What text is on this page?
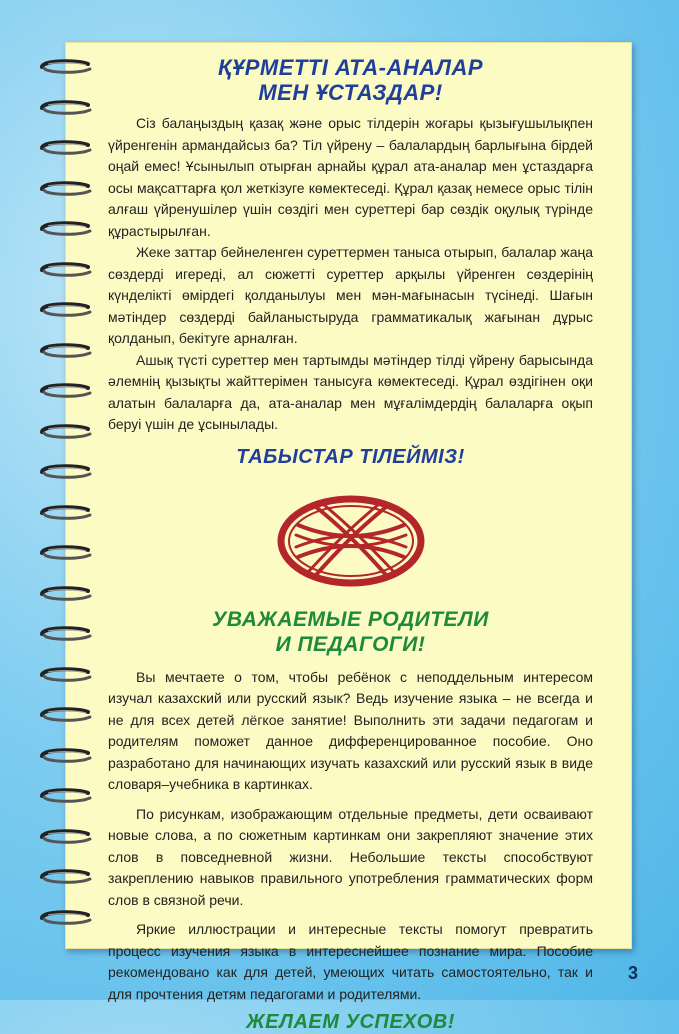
ҚҰРМЕТТІ АТА-АНАЛАР
МЕН ҰСТАЗДАР!

Сіз балаңыздың қазақ және орыс тілдерін жоғары қызығушылықпен үйренгенін армандайсыз ба? Тіл үйрену – балалардың барлығына бірдей оңай емес! Ұсынылып отырған арнайы құрал ата-аналар мен ұстаздарға осы мақсаттарға қол жеткізуге көмектеседі. Құрал қазақ немесе орыс тілін алғаш үйренушілер үшін сөздігі мен суреттері бар сөздік оқулық түрінде құрастырылған.

Жеке заттар бейнеленген суреттермен таныса отырып, балалар жаңа сөздерді игереді, ал сюжетті суреттер арқылы үйренген сөздерінің күнделікті өмірдегі қолданылуы мен мән-мағынасын түсінеді. Шағын мәтіндер сөздерді байланыстыруда грамматикалық жағынан дұрыс қолданып, бекітуге арналған.

Ашық түсті суреттер мен тартымды мәтіндер тілді үйрену барысында әлемнің қызықты жайттерімен танысуға көмектеседі. Құрал өздігінен оқи алатын балаларға да, ата-аналар мен мұғалімдердің балаларға оқып беруі үшін де ұсынылады.

ТАБЫСТАР ТІЛЕЙМІЗ!
УВАЖАЕМЫЕ РОДИТЕЛИ
И ПЕДАГОГИ!

Вы мечтаете о том, чтобы ребёнок с неподдельным интересом изучал казахский или русский язык? Ведь изучение языка – не всегда и не для всех детей лёгкое занятие! Выполнить эти задачи педагогам и родителям поможет данное дифференцированное пособие. Оно разработано для начинающих изучать казахский или русский язык в виде словаря–учебника в картинках.

По рисункам, изображающим отдельные предметы, дети осваивают новые слова, а по сюжетным картинкам они закрепляют значение этих слов в повседневной жизни. Небольшие тексты способствуют закреплению навыков правильного употребления грамматических форм слов в связной речи.

Яркие иллюстрации и интересные тексты помогут превратить процесс изучения языка в интереснейшее познание мира. Пособие рекомендовано как для детей, умеющих читать самостоятельно, так и для прочтения детям педагогами и родителями.

ЖЕЛАЕМ УСПЕХОВ!
3
